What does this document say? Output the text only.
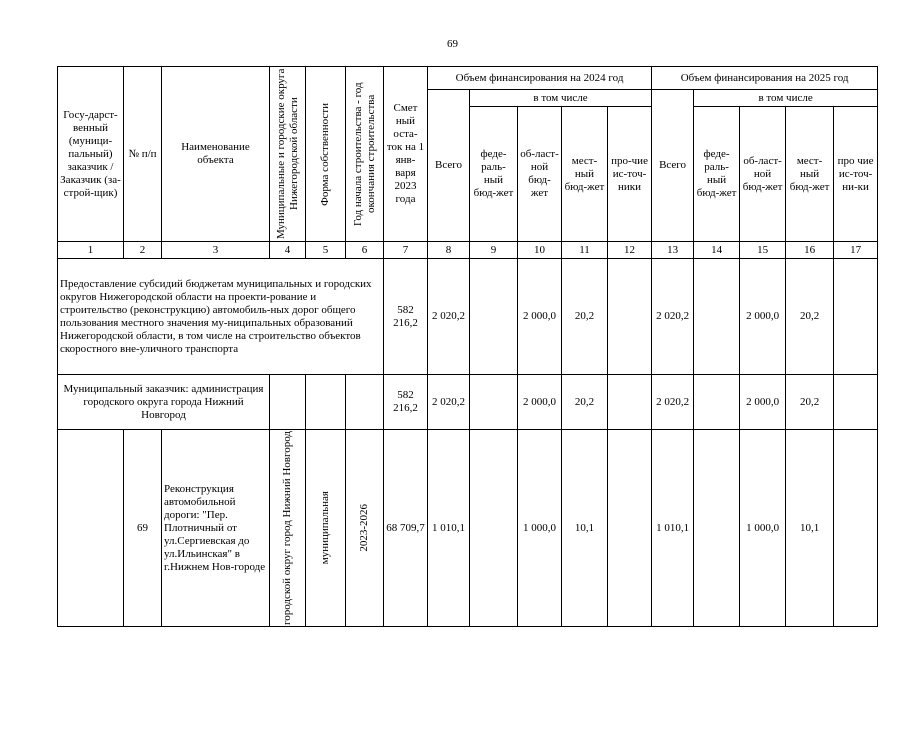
69
Госу-дарст-венный (муници-пальный) заказчик / Заказчик (за-строй-щик)	№ п/п	Наименование объекта	Муниципальные и городские округа Нижегородской области	Форма собственности	Год начала строительства - год окончания строительства	Смет ный оста-ток на 1 янв-варя 2023 года	Объем финансирования на 2024 год					Объем финансирования на 2025 год				
							Всего	в том числе				Всего	в том числе			
								феде-раль-ный бюд-жет	об-ласт-ной бюд-жет	мест-ный бюд-жет	про-чие ис-точ-ники		феде-раль-ный бюд-жет	об-ласт-ной бюд-жет	мест-ный бюд-жет	про чие ис-точ-ни-ки
1	2	3	4	5	6	7	8	9	10	11	12	13	14	15	16	17
Предоставление субсидий бюджетам муниципальных и городских округов Нижегородской области на проекти-рование и строительство (реконструкцию) автомобиль-ных дорог общего пользования местного значения му-ниципальных образований Нижегородской области, в том числе на строительство объектов скоростного вне-уличного транспорта						582 216,2	2 020,2		2 000,0	20,2		2 020,2		2 000,0	20,2	
Муниципальный заказчик: администрация городского округа города Нижний Новгород						582 216,2	2 020,2		2 000,0	20,2		2 020,2		2 000,0	20,2	
	69	Реконструкция автомобильной дороги: "Пер. Плотничный от ул.Сергиевская до ул.Ильинская" в г.Нижнем Нов-городе	городской округ город Нижний Новгород	муниципальная	2023-2026	68 709,7	1 010,1		1 000,0	10,1		1 010,1		1 000,0	10,1	
